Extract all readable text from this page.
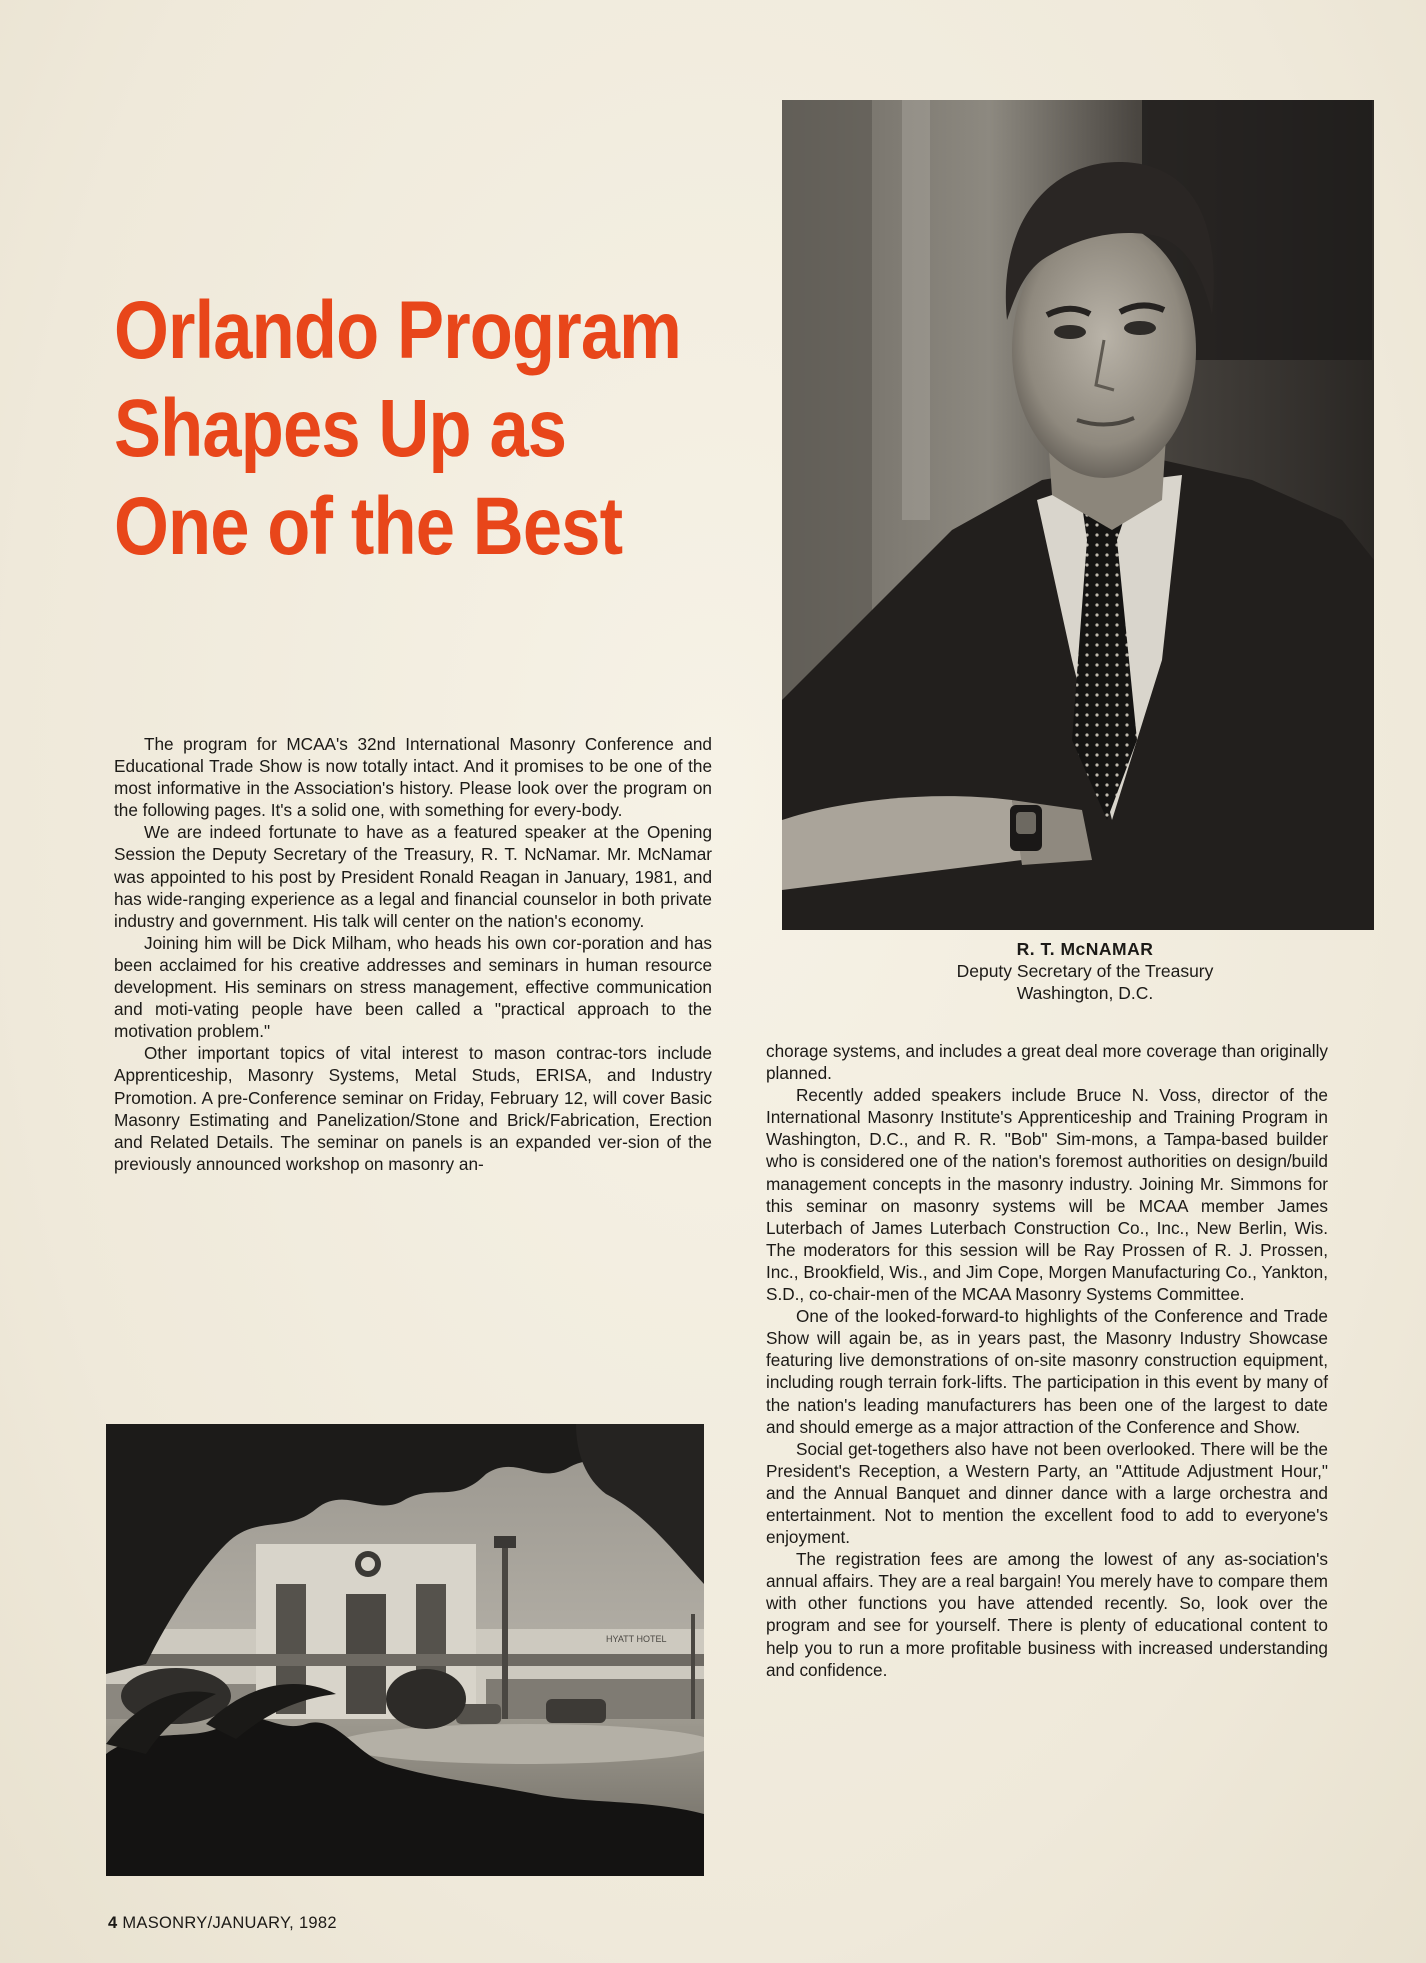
Orlando Program
Shapes Up as
One of the Best

The program for MCAA's 32nd International Masonry Conference and Educational Trade Show is now totally intact. And it promises to be one of the most informative in the Association's history. Please look over the program on the following pages. It's a solid one, with something for every-body.

We are indeed fortunate to have as a featured speaker at the Opening Session the Deputy Secretary of the Treasury, R. T. NcNamar. Mr. McNamar was appointed to his post by President Ronald Reagan in January, 1981, and has wide-ranging experience as a legal and financial counselor in both private industry and government. His talk will center on the nation's economy.

Joining him will be Dick Milham, who heads his own cor-poration and has been acclaimed for his creative addresses and seminars in human resource development. His seminars on stress management, effective communication and moti-vating people have been called a "practical approach to the motivation problem."

Other important topics of vital interest to mason contrac-tors include Apprenticeship, Masonry Systems, Metal Studs, ERISA, and Industry Promotion. A pre-Conference seminar on Friday, February 12, will cover Basic Masonry Estimating and Panelization/Stone and Brick/Fabrication, Erection and Related Details. The seminar on panels is an expanded ver-sion of the previously announced workshop on masonry an-

R. T. McNAMAR
Deputy Secretary of the Treasury
Washington, D.C.

chorage systems, and includes a great deal more coverage than originally planned.

Recently added speakers include Bruce N. Voss, director of the International Masonry Institute's Apprenticeship and Training Program in Washington, D.C., and R. R. "Bob" Sim-mons, a Tampa-based builder who is considered one of the nation's foremost authorities on design/build management concepts in the masonry industry. Joining Mr. Simmons for this seminar on masonry systems will be MCAA member James Luterbach of James Luterbach Construction Co., Inc., New Berlin, Wis. The moderators for this session will be Ray Prossen of R. J. Prossen, Inc., Brookfield, Wis., and Jim Cope, Morgen Manufacturing Co., Yankton, S.D., co-chair-men of the MCAA Masonry Systems Committee.

One of the looked-forward-to highlights of the Conference and Trade Show will again be, as in years past, the Masonry Industry Showcase featuring live demonstrations of on-site masonry construction equipment, including rough terrain fork-lifts. The participation in this event by many of the nation's leading manufacturers has been one of the largest to date and should emerge as a major attraction of the Conference and Show.

Social get-togethers also have not been overlooked. There will be the President's Reception, a Western Party, an "Attitude Adjustment Hour," and the Annual Banquet and dinner dance with a large orchestra and entertainment. Not to mention the excellent food to add to everyone's enjoyment.

The registration fees are among the lowest of any as-sociation's annual affairs. They are a real bargain! You merely have to compare them with other functions you have attended recently. So, look over the program and see for yourself. There is plenty of educational content to help you to run a more profitable business with increased understanding and confidence.

HYATT HOTEL
4 MASONRY/JANUARY, 1982
